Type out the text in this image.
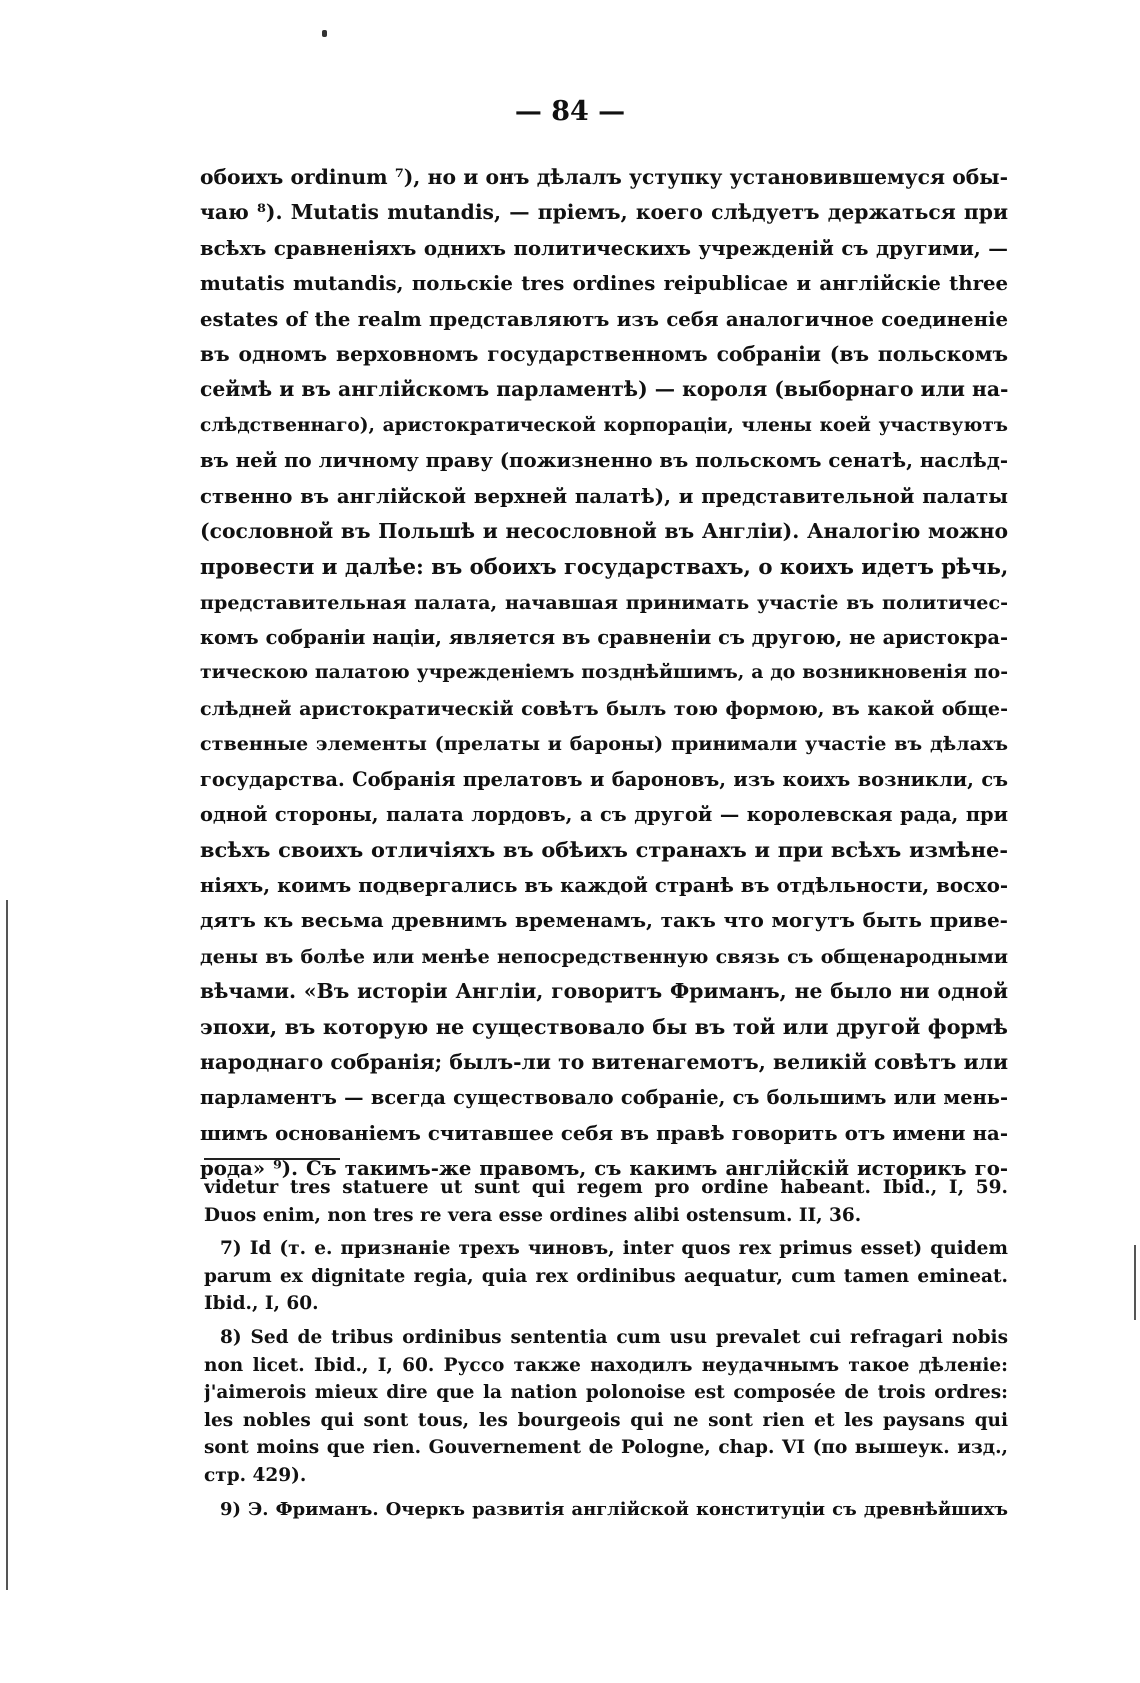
— 84 —
обоихъ ordinum ⁷), но и онъ дѣлалъ уступку установившемуся обы-
чаю ⁸). Mutatis mutandis, — пріемъ, коего слѣдуетъ держаться при
всѣхъ сравненіяхъ однихъ политическихъ учрежденій съ другими, —
mutatis mutandis, польскіе tres ordines reipublicae и англійскіе three
estates of the realm представляютъ изъ себя аналогичное соединеніе
въ одномъ верховномъ государственномъ собраніи (въ польскомъ
сеймѣ и въ англійскомъ парламентѣ) — короля (выборнаго или на-
слѣдственнаго), аристократической корпораціи, члены коей участвуютъ
въ ней по личному праву (пожизненно въ польскомъ сенатѣ, наслѣд-
ственно въ англійской верхней палатѣ), и представительной палаты
(сословной въ Польшѣ и несословной въ Англіи). Аналогію можно
провести и далѣе: въ обоихъ государствахъ, о коихъ идетъ рѣчь,
представительная палата, начавшая принимать участіе въ политичес-
комъ собраніи націи, является въ сравненіи съ другою, не аристокра-
тическою палатою учрежденіемъ позднѣйшимъ, а до возникновенія по-
слѣдней аристократическій совѣтъ былъ тою формою, въ какой обще-
ственные элементы (прелаты и бароны) принимали участіе въ дѣлахъ
государства. Собранія прелатовъ и бароновъ, изъ коихъ возникли, съ
одной стороны, палата лордовъ, а съ другой — королевская рада, при
всѣхъ своихъ отличіяхъ въ обѣихъ странахъ и при всѣхъ измѣне-
ніяхъ, коимъ подвергались въ каждой странѣ въ отдѣльности, восхо-
дятъ къ весьма древнимъ временамъ, такъ что могутъ быть приве-
дены въ болѣе или менѣе непосредственную связь съ общенародными
вѣчами. «Въ исторіи Англіи, говоритъ Фриманъ, не было ни одной
эпохи, въ которую не существовало бы въ той или другой формѣ
народнаго собранія; былъ-ли то витенагемотъ, великій совѣтъ или
парламентъ — всегда существовало собраніе, съ большимъ или мень-
шимъ основаніемъ считавшее себя въ правѣ говорить отъ имени на-
рода» ⁹). Съ такимъ-же правомъ, съ какимъ англійскій историкъ го-
videtur tres statuere ut sunt qui regem pro ordine habeant. Ibid., I, 59.
Duos enim, non tres re vera esse ordines alibi ostensum. II, 36.
7) Id (т. е. признаніе трехъ чиновъ, inter quos rex primus esset) quidem
parum ex dignitate regia, quia rex ordinibus aequatur, cum tamen emineat.
Ibid., I, 60.
8) Sed de tribus ordinibus sententia cum usu prevalet cui refragari nobis
non licet. Ibid., I, 60. Руссо также находилъ неудачнымъ такое дѣленіе:
j'aimerois mieux dire que la nation polonoise est composée de trois ordres:
les nobles qui sont tous, les bourgeois qui ne sont rien et les paysans qui
sont moins que rien. Gouvernement de Pologne, chap. VI (по вышеук. изд.,
стр. 429).
9) Э. Фриманъ. Очеркъ развитія англійской конституціи съ древнѣйшихъ
